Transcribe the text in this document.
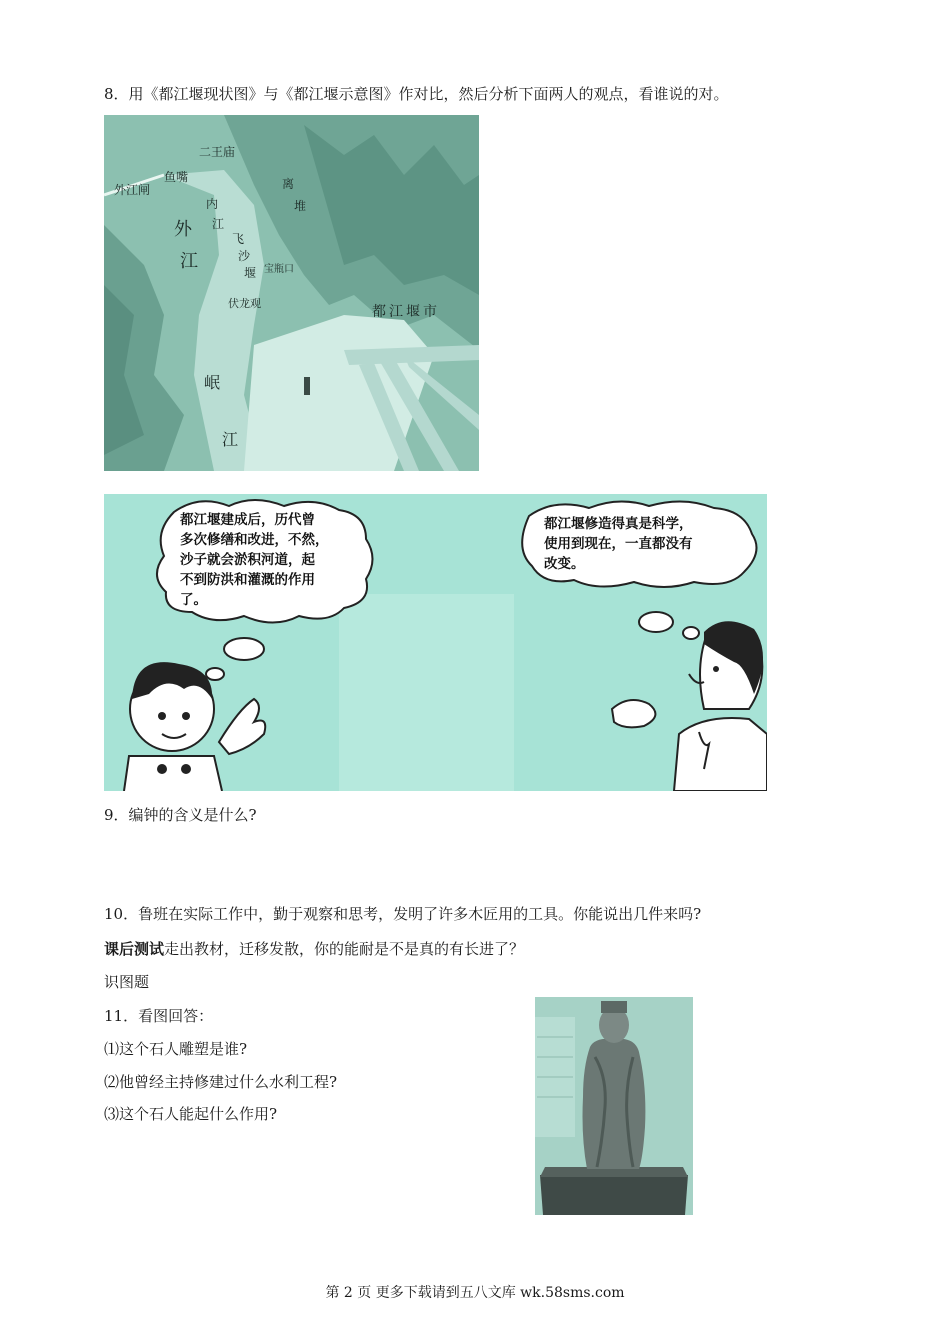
8．用《都江堰现状图》与《都江堰示意图》作对比，然后分析下面两人的观点，看谁说的对。
二王庙
鱼嘴
外江闸
外
江
内
江
宝瓶口
伏龙观
都江堰市
岷
江
离
堆
飞
沙
堰
都江堰建成后，历代曾
多次修缮和改进，不然，
沙子就会淤积河道，起
不到防洪和灌溉的作用
了。
都江堰修造得真是科学，
使用到现在，一直都没有
改变。
9．编钟的含义是什么?
10．鲁班在实际工作中，勤于观察和思考，发明了许多木匠用的工具。你能说出几件来吗?
课后测试走出教材，迁移发散，你的能耐是不是真的有长进了？
识图题
11．看图回答：
⑴这个石人雕塑是谁?
⑵他曾经主持修建过什么水利工程?
⑶这个石人能起什么作用?
第 2 页 更多下载请到五八文库 wk.58sms.com
